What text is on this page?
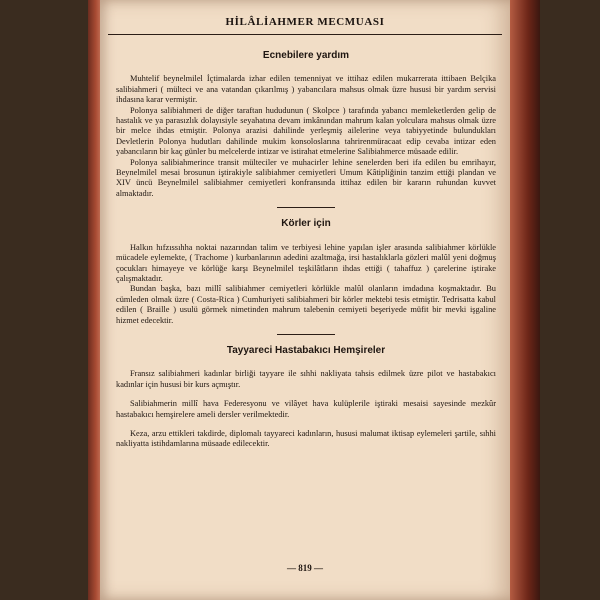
HİLÂLİAHMER MECMUASI
Ecnebilere yardım

Muhtelif beynelmilel İçtimalarda izhar edilen temenniyat ve ittihaz edilen mukarrerata ittibaen Belçika salibiahmeri ( mülteci ve ana vatandan çıkarılmış ) yabancılara mahsus olmak üzre hususi bir yardım servisi ihdasına karar vermiştir.

Polonya salibiahmeri de diğer taraftan hududunun ( Skolpce ) tarafında yabancı memleketlerden gelip de hastalık ve ya parasızlık dolayısiyle seyahatına devam imkânından mahrum kalan yolculara mahsus olmak üzre bir melce ihdas etmiştir. Polonya arazisi dahilinde yerleşmiş ailelerine veya tabiyyetinde bulundukları Devletlerin Polonya hudutları dahilinde mukim konsoloslarına tahrirenmüracaat edip cevaba intizar eden yabancıların bir kaç günler bu melcelerde intizar ve istirahat etmelerine Salibiahmerce müsaade edilir.

Polonya salibiahmerince transit mülteciler ve muhacirler lehine senelerden beri ifa edilen bu emrihayır, Beynelmilel mesai brosunun iştirakiyle salibiahmer cemiyetleri Umum Kâtipliğinin tanzim ettiği plandan ve XIV üncü Beynelmilel salibiahmer cemiyetleri konfransında ittihaz edilen bir kararın ruhundan kuvvet almaktadır.

Körler için

Halkın hıfzıssıhha noktai nazarından talim ve terbiyesi lehine yapılan işler arasında salibiahmer körlükle mücadele eylemekte, ( Trachome ) kurbanlarının adedini azaltmağa, irsi hastalıklarla gözleri malûl yeni doğmuş çocukları himayeye ve körlüğe karşı Beynelmilel teşkilâtların ihdas ettiği ( tahaffuz ) çarelerine iştirake çalışmaktadır.

Bundan başka, bazı millî salibiahmer cemiyetleri körlükle malûl olanların imdadına koşmaktadır. Bu cümleden olmak üzre ( Costa-Rica ) Cumhuriyeti salibiahmeri bir körler mektebi tesis etmiştir. Tedrisatta kabul edilen ( Braille ) usulü görmek nimetinden mahrum talebenin cemiyeti beşeriyede müfit bir mevki işgaline hizmet edecektir.

Tayyareci Hastabakıcı Hemşireler

Fransız salibiahmeri kadınlar birliği tayyare ile sıhhi nakliyata tahsis edilmek üzre pilot ve hastabakıcı kadınlar için hususi bir kurs açmıştır.

Salibiahmerin millî hava Federesyonu ve vilâyet hava kulüplerile iştiraki mesaisi sayesinde mezkûr hastabakıcı hemşirelere ameli dersler verilmektedir.

Keza, arzu ettikleri takdirde, diplomalı tayyareci kadınların, hususi malumat iktisap eylemeleri şartile, sıhhi nakliyatta istihdamlarına müsaade edilecektir.

— 819 —
